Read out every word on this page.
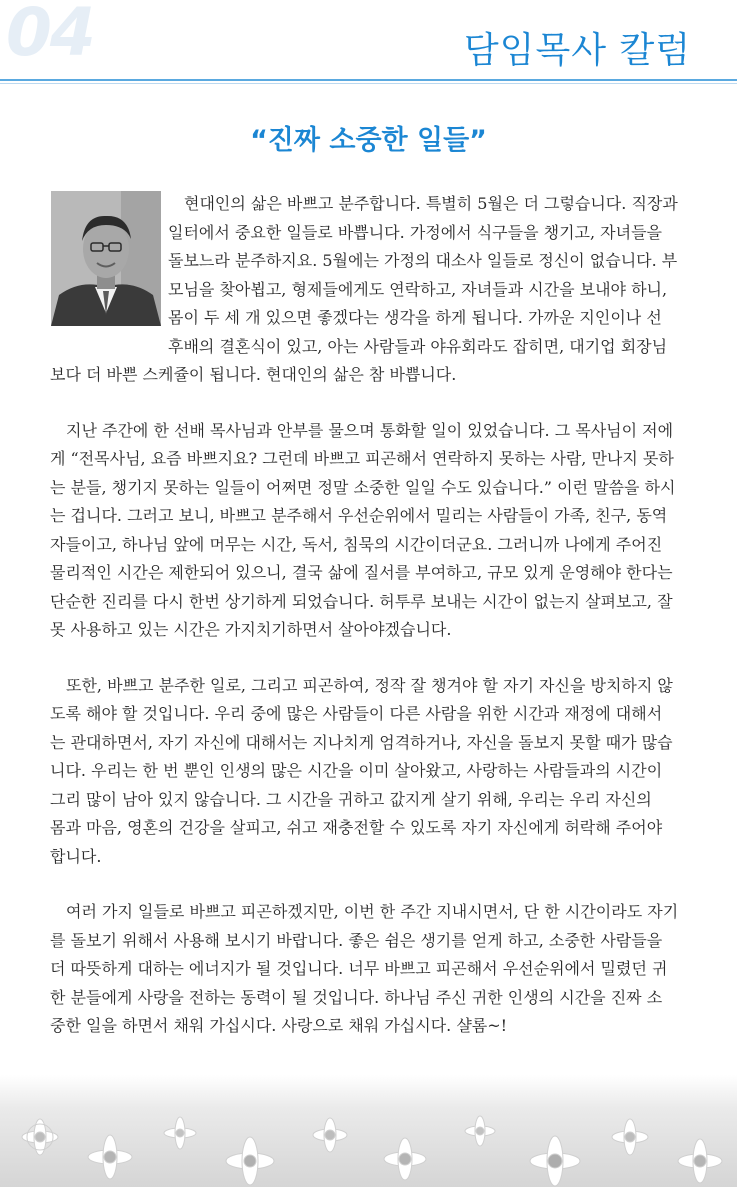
04	담임목사 칼럼
“진짜 소중한 일들”

현대인의 삶은 바쁘고 분주합니다. 특별히 5월은 더 그렇습니다. 직장과
일터에서 중요한 일들로 바쁩니다. 가정에서 식구들을 챙기고, 자녀들을
돌보느라 분주하지요. 5월에는 가정의 대소사 일들로 정신이 없습니다. 부
모님을 찾아뵙고, 형제들에게도 연락하고, 자녀들과 시간을 보내야 하니,
몸이 두 세 개 있으면 좋겠다는 생각을 하게 됩니다. 가까운 지인이나 선
후배의 결혼식이 있고, 아는 사람들과 야유회라도 잡히면, 대기업 회장님
보다 더 바쁜 스케쥴이 됩니다. 현대인의 삶은 참 바쁩니다.

지난 주간에 한 선배 목사님과 안부를 물으며 통화할 일이 있었습니다. 그 목사님이 저에
게 “전목사님, 요즘 바쁘지요? 그런데 바쁘고 피곤해서 연락하지 못하는 사람, 만나지 못하
는 분들, 챙기지 못하는 일들이 어쩌면 정말 소중한 일일 수도 있습니다.” 이런 말씀을 하시
는 겁니다. 그러고 보니, 바쁘고 분주해서 우선순위에서 밀리는 사람들이 가족, 친구, 동역
자들이고, 하나님 앞에 머무는 시간, 독서, 침묵의 시간이더군요. 그러니까 나에게 주어진
물리적인 시간은 제한되어 있으니, 결국 삶에 질서를 부여하고, 규모 있게 운영해야 한다는
단순한 진리를 다시 한번 상기하게 되었습니다. 허투루 보내는 시간이 없는지 살펴보고, 잘
못 사용하고 있는 시간은 가지치기하면서 살아야겠습니다.

또한, 바쁘고 분주한 일로, 그리고 피곤하여, 정작 잘 챙겨야 할 자기 자신을 방치하지 않
도록 해야 할 것입니다. 우리 중에 많은 사람들이 다른 사람을 위한 시간과 재정에 대해서
는 관대하면서, 자기 자신에 대해서는 지나치게 엄격하거나, 자신을 돌보지 못할 때가 많습
니다. 우리는 한 번 뿐인 인생의 많은 시간을 이미 살아왔고, 사랑하는 사람들과의 시간이
그리 많이 남아 있지 않습니다. 그 시간을 귀하고 값지게 살기 위해, 우리는 우리 자신의
몸과 마음, 영혼의 건강을 살피고, 쉬고 재충전할 수 있도록 자기 자신에게 허락해 주어야
합니다.

여러 가지 일들로 바쁘고 피곤하겠지만, 이번 한 주간 지내시면서, 단 한 시간이라도 자기
를 돌보기 위해서 사용해 보시기 바랍니다. 좋은 쉼은 생기를 얻게 하고, 소중한 사람들을
더 따뜻하게 대하는 에너지가 될 것입니다. 너무 바쁘고 피곤해서 우선순위에서 밀렸던 귀
한 분들에게 사랑을 전하는 동력이 될 것입니다. 하나님 주신 귀한 인생의 시간을 진짜 소
중한 일을 하면서 채워 가십시다. 사랑으로 채워 가십시다. 샬롬~!
